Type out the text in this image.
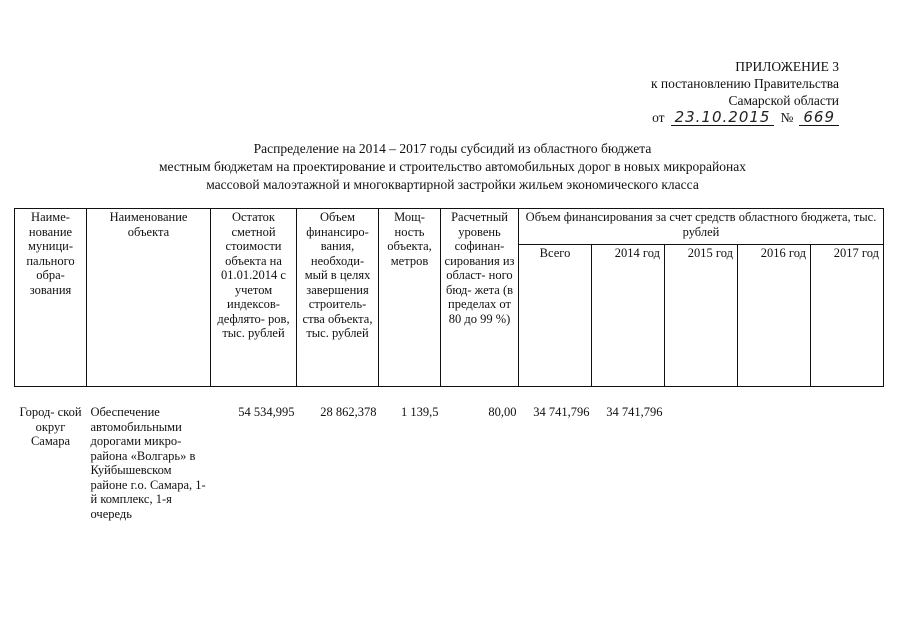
ПРИЛОЖЕНИЕ 3
к постановлению Правительства
Самарской области
от 23.10.2015 № 669
Распределение на 2014 – 2017 годы субсидий из областного бюджета
местным бюджетам на проектирование и строительство автомобильных дорог в новых микрорайонах
массовой малоэтажной и многоквартирной застройки жильем экономического класса
Наиме- нование муници- пального обра- зования	Наименование объекта	Остаток сметной стоимости объекта на 01.01.2014 с учетом индексов- дефлято- ров, тыс. рублей	Объем финансиро- вания, необходи- мый в целях завершения строитель- ства объекта, тыс. рублей	Мощ- ность объекта, метров	Расчетный уровень софинан- сирования из област- ного бюд- жета (в пределах от 80 до 99 %)	Объем финансирования за счет средств областного бюджета, тыс. рублей				
						Всего	2014 год	2015 год	2016 год	2017 год
Город- ской округ Самара	Обеспечение автомобильными дорогами микро- района «Волгарь» в Куйбышевском районе г.о. Самара, 1-й комплекс, 1-я очередь	54 534,995	28 862,378	1 139,5	80,00	34 741,796	34 741,796			
